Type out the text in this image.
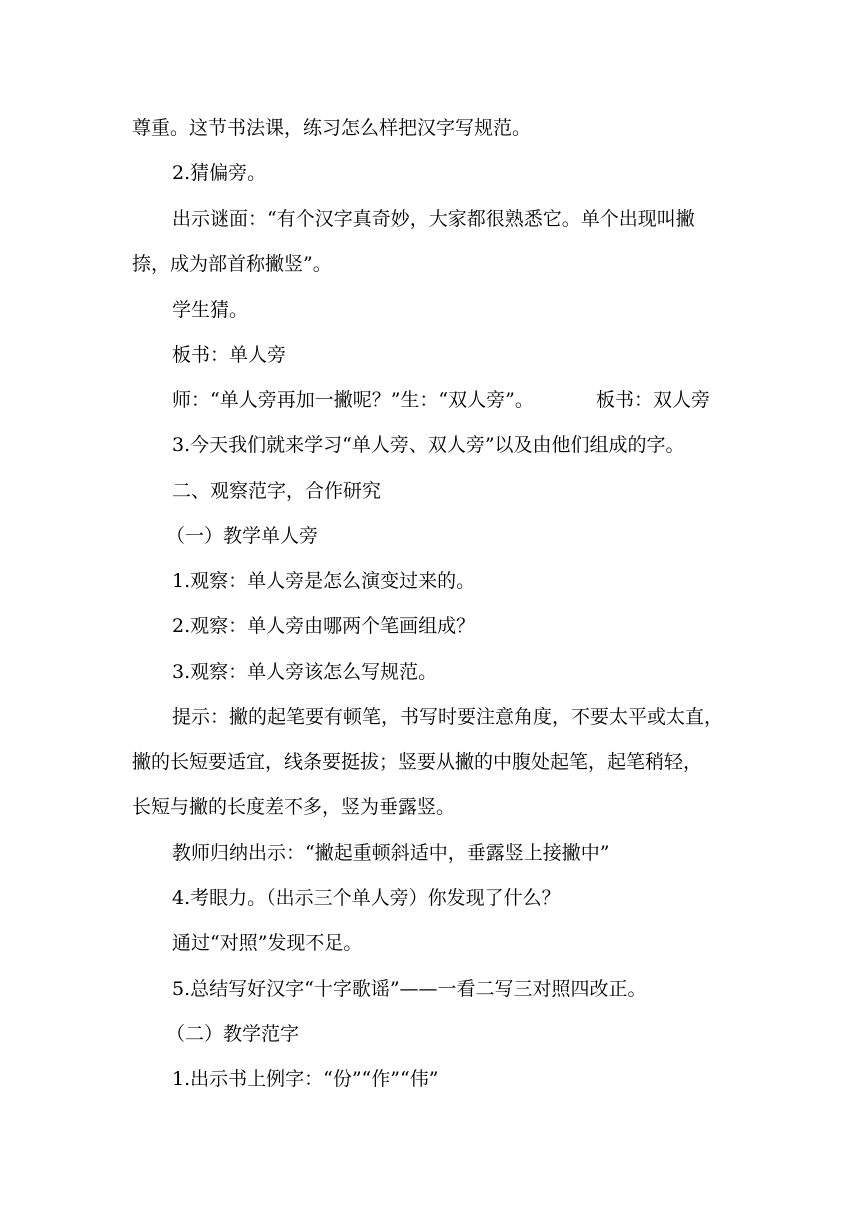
尊重。这节书法课，练习怎么样把汉字写规范。
2.猜偏旁。
出示谜面：“有个汉字真奇妙，大家都很熟悉它。单个出现叫撇
捺，成为部首称撇竖”。
学生猜。
板书：单人旁
师：“单人旁再加一撇呢？”生：“双人旁”。	板书：双人旁
3.今天我们就来学习“单人旁、双人旁”以及由他们组成的字。
二、观察范字，合作研究
（一）教学单人旁
1.观察：单人旁是怎么演变过来的。
2.观察：单人旁由哪两个笔画组成？
3.观察：单人旁该怎么写规范。
提示：撇的起笔要有顿笔，书写时要注意角度，不要太平或太直，
撇的长短要适宜，线条要挺拔；竖要从撇的中腹处起笔，起笔稍轻，
长短与撇的长度差不多，竖为垂露竖。
教师归纳出示：“撇起重顿斜适中，垂露竖上接撇中”
4.考眼力。（出示三个单人旁）你发现了什么？
通过“对照”发现不足。
5.总结写好汉字“十字歌谣”——一看二写三对照四改正。
（二）教学范字
1.出示书上例字：“份”“作”“伟”
